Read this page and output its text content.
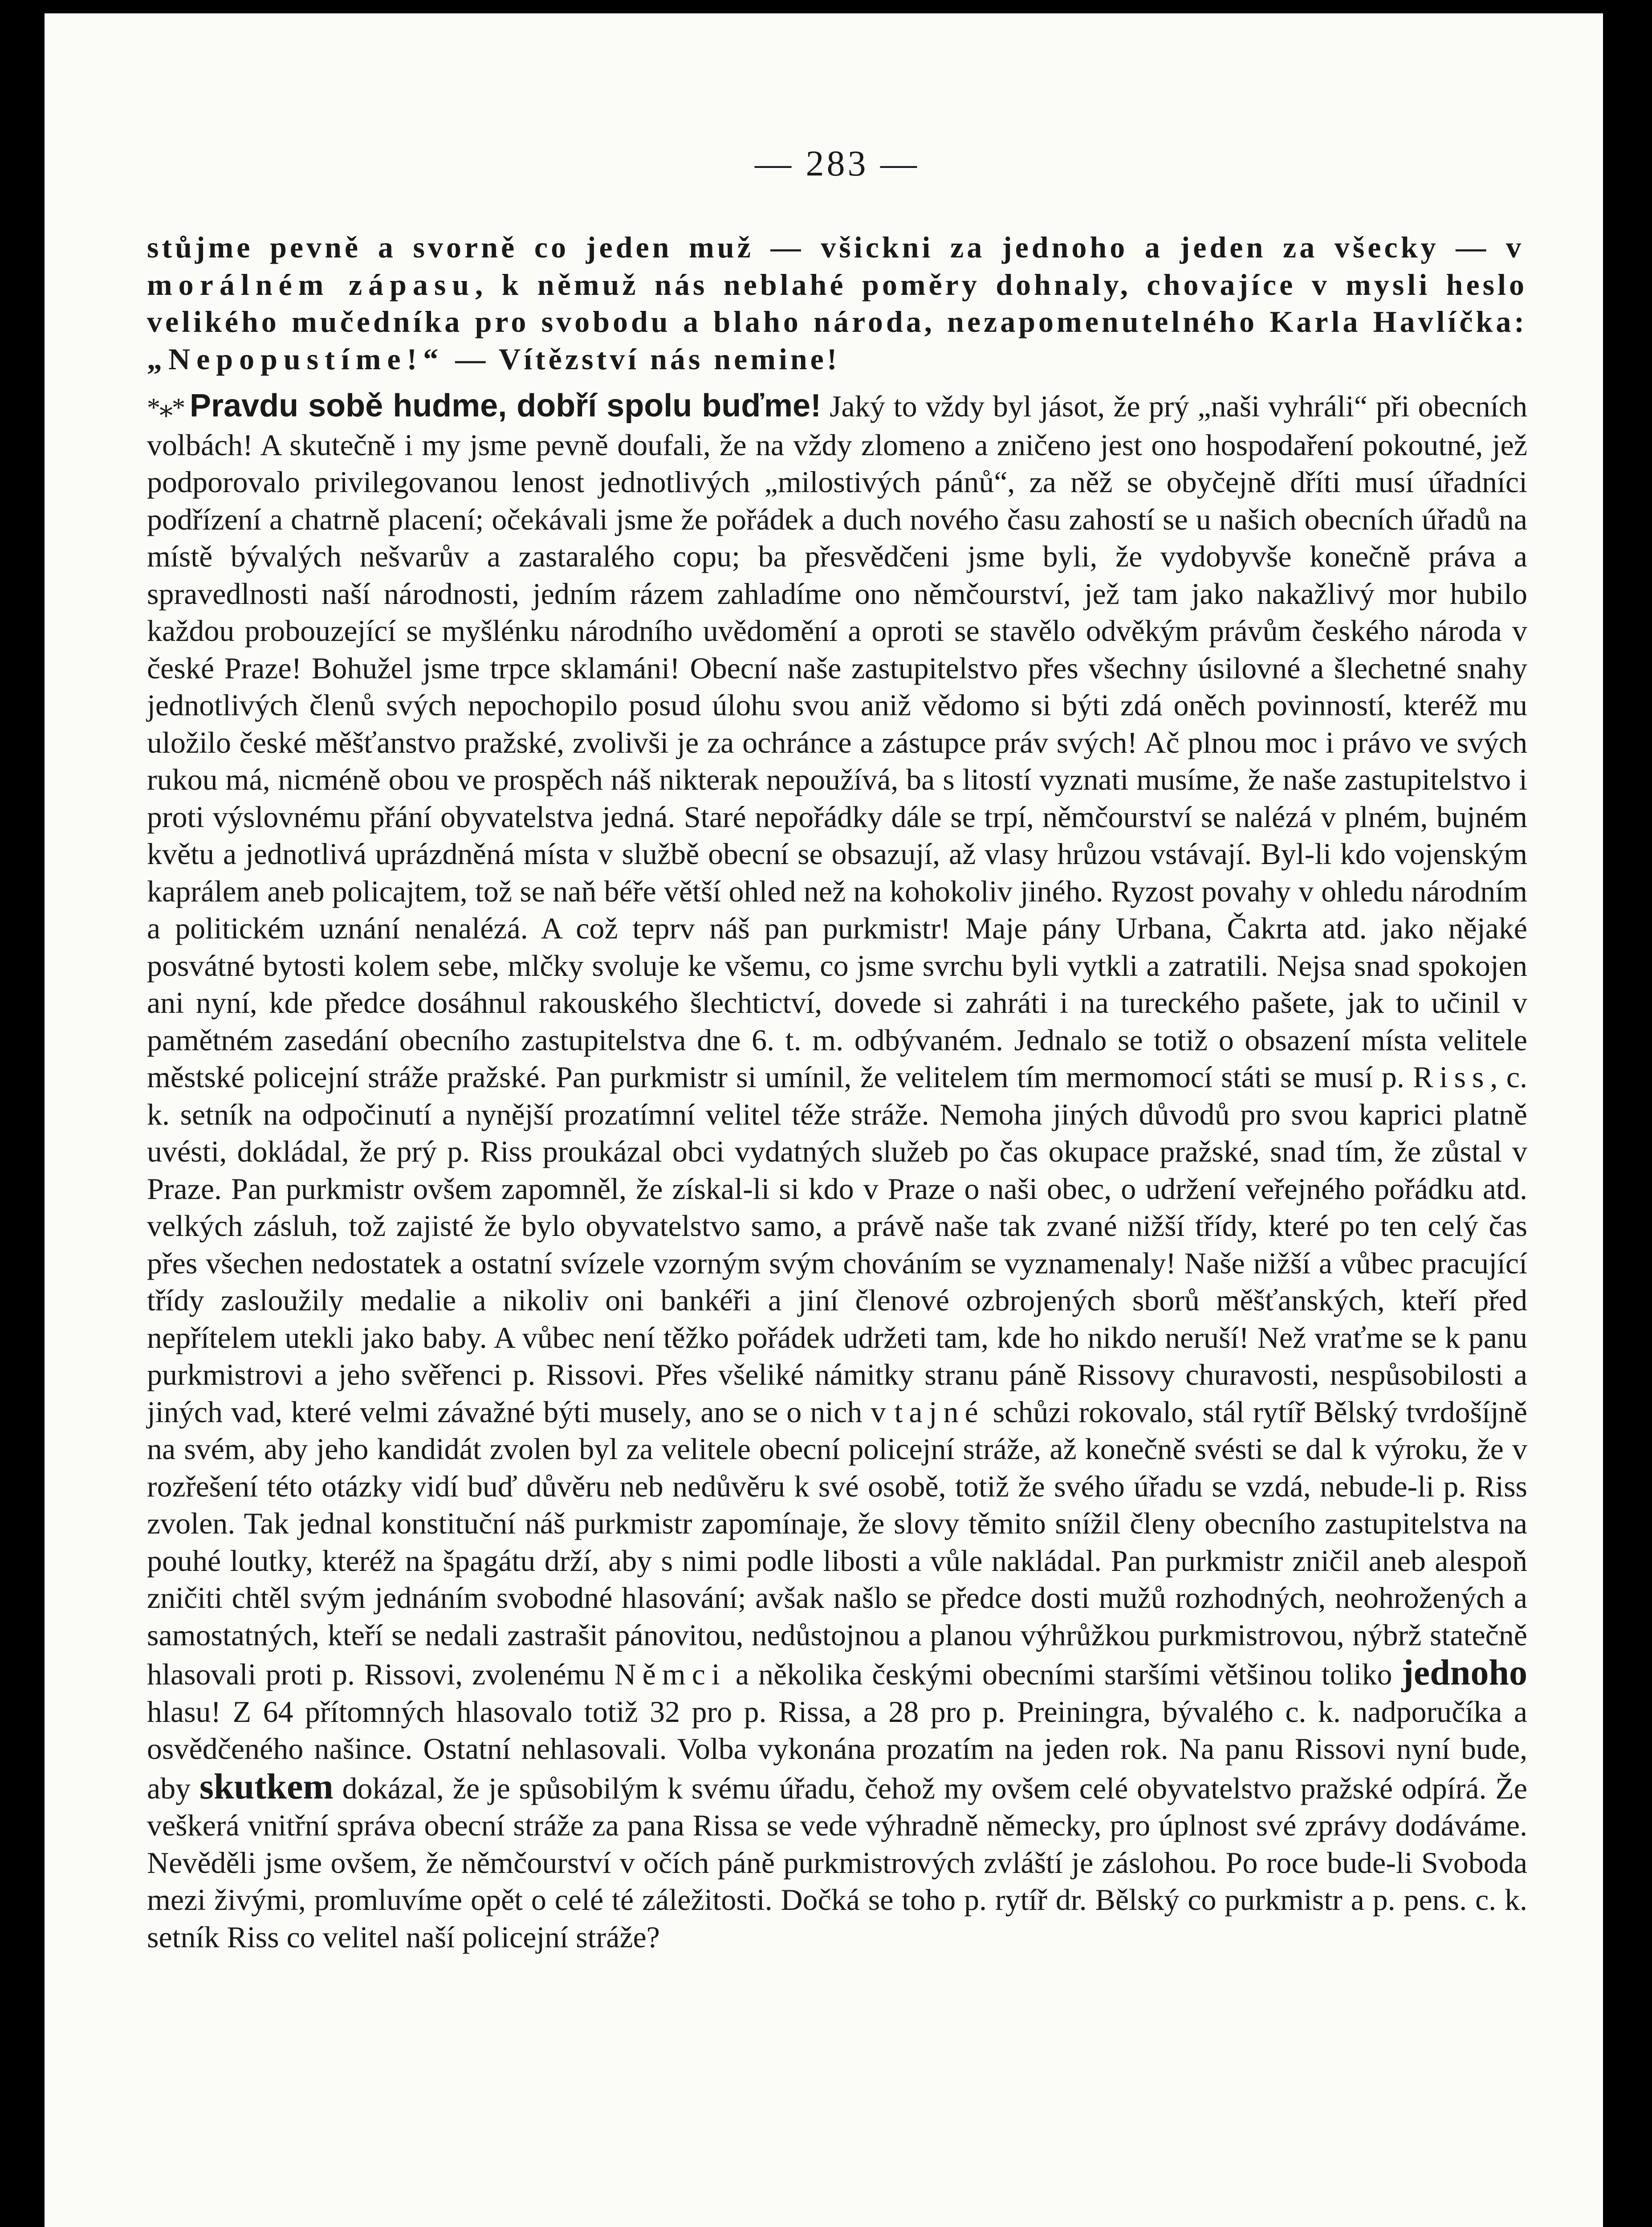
— 283 —

stůjme pevně a svorně co jeden muž — všickni za jednoho a jeden za všecky — v morálném zápasu, k němuž nás neblahé poměry dohnaly, chovajíce v mysli heslo velikého mučedníka pro svobodu a blaho národa, nezapomenutelného Karla Havlíčka: „Nepopustíme!“ — Vítězství nás nemine!

*⁎* Pravdu sobě hudme, dobří spolu buďme! Jaký to vždy byl jásot, že prý „naši vyhráli“ při obecních volbách! A skutečně i my jsme pevně doufali, že na vždy zlomeno a zničeno jest ono hospodaření pokoutné, jež podporovalo privilegovanou lenost jednotlivých „milostivých pánů“, za něž se obyčejně dříti musí úřadníci podřízení a chatrně placení; očekávali jsme že pořádek a duch nového času zahostí se u našich obecních úřadů na místě bývalých nešvarův a zastaralého copu; ba přesvědčeni jsme byli, že vydobyvše konečně práva a spravedlnosti naší národnosti, jedním rázem zahladíme ono němčourství, jež tam jako nakažlivý mor hubilo každou probouzející se myšlénku národního uvědomění a oproti se stavělo odvěkým právům českého národa v české Praze! Bohužel jsme trpce sklamáni! Obecní naše zastupitelstvo přes všechny úsilovné a šlechetné snahy jednotlivých členů svých nepochopilo posud úlohu svou aniž vědomo si býti zdá oněch povinností, kteréž mu uložilo české měšťanstvo pražské, zvolivši je za ochránce a zástupce práv svých! Ač plnou moc i právo ve svých rukou má, nicméně obou ve prospěch náš nikterak nepoužívá, ba s litostí vyznati musíme, že naše zastupitelstvo i proti výslovnému přání obyvatelstva jedná. Staré nepořádky dále se trpí, němčourství se nalézá v plném, bujném květu a jednotlivá uprázdněná místa v službě obecní se obsazují, až vlasy hrůzou vstávají. Byl-li kdo vojenským kaprálem aneb policajtem, tož se naň béře větší ohled než na kohokoliv jiného. Ryzost povahy v ohledu národním a politickém uznání nenalézá. A což teprv náš pan purkmistr! Maje pány Urbana, Čakrta atd. jako nějaké posvátné bytosti kolem sebe, mlčky svoluje ke všemu, co jsme svrchu byli vytkli a zatratili. Nejsa snad spokojen ani nyní, kde předce dosáhnul rakouského šlechtictví, dovede si zahráti i na tureckého pašete, jak to učinil v pamětném zasedání obecního zastupitelstva dne 6. t. m. odbývaném. Jednalo se totiž o obsazení místa velitele městské policejní stráže pražské. Pan purkmistr si umínil, že velitelem tím mermomocí státi se musí p. Riss, c. k. setník na odpočinutí a nynější prozatímní velitel téže stráže. Nemoha jiných důvodů pro svou kaprici platně uvésti, dokládal, že prý p. Riss proukázal obci vydatných služeb po čas okupace pražské, snad tím, že zůstal v Praze. Pan purkmistr ovšem zapomněl, že získal-li si kdo v Praze o naši obec, o udržení veřejného pořádku atd. velkých zásluh, tož zajisté že bylo obyvatelstvo samo, a právě naše tak zvané nižší třídy, které po ten celý čas přes všechen nedostatek a ostatní svízele vzorným svým chováním se vyznamenaly! Naše nižší a vůbec pracující třídy zasloužily medalie a nikoliv oni bankéři a jiní členové ozbrojených sborů měšťanských, kteří před nepřítelem utekli jako baby. A vůbec není těžko pořádek udržeti tam, kde ho nikdo neruší! Než vraťme se k panu purkmistrovi a jeho svěřenci p. Rissovi. Přes všeliké námitky stranu páně Rissovy churavosti, nespůsobilosti a jiných vad, které velmi závažné býti musely, ano se o nich v tajné schůzi rokovalo, stál rytíř Bělský tvrdošíjně na svém, aby jeho kandidát zvolen byl za velitele obecní policejní stráže, až konečně svésti se dal k výroku, že v rozřešení této otázky vidí buď důvěru neb nedůvěru k své osobě, totiž že svého úřadu se vzdá, nebude-li p. Riss zvolen. Tak jednal konstituční náš purkmistr zapomínaje, že slovy těmito snížil členy obecního zastupitelstva na pouhé loutky, kteréž na špagátu drží, aby s nimi podle libosti a vůle nakládal. Pan purkmistr zničil aneb alespoň zničiti chtěl svým jednáním svobodné hlasování; avšak našlo se předce dosti mužů rozhodných, neohrožených a samostatných, kteří se nedali zastrašit pánovitou, nedůstojnou a planou výhrůžkou purkmistrovou, nýbrž statečně hlasovali proti p. Rissovi, zvolenému Němci a několika českými obecními staršími většinou toliko jednoho hlasu! Z 64 přítomných hlasovalo totiž 32 pro p. Rissa, a 28 pro p. Preiningra, bývalého c. k. nadporučíka a osvědčeného našince. Ostatní nehlasovali. Volba vykonána prozatím na jeden rok. Na panu Rissovi nyní bude, aby skutkem dokázal, že je spůsobilým k svému úřadu, čehož my ovšem celé obyvatelstvo pražské odpírá. Že veškerá vnitřní správa obecní stráže za pana Rissa se vede výhradně německy, pro úplnost své zprávy dodáváme. Nevěděli jsme ovšem, že němčourství v očích páně purkmistrových zvláští je záslohou. Po roce bude-li Svoboda mezi živými, promluvíme opět o celé té záležitosti. Dočká se toho p. rytíř dr. Bělský co purkmistr a p. pens. c. k. setník Riss co velitel naší policejní stráže?
